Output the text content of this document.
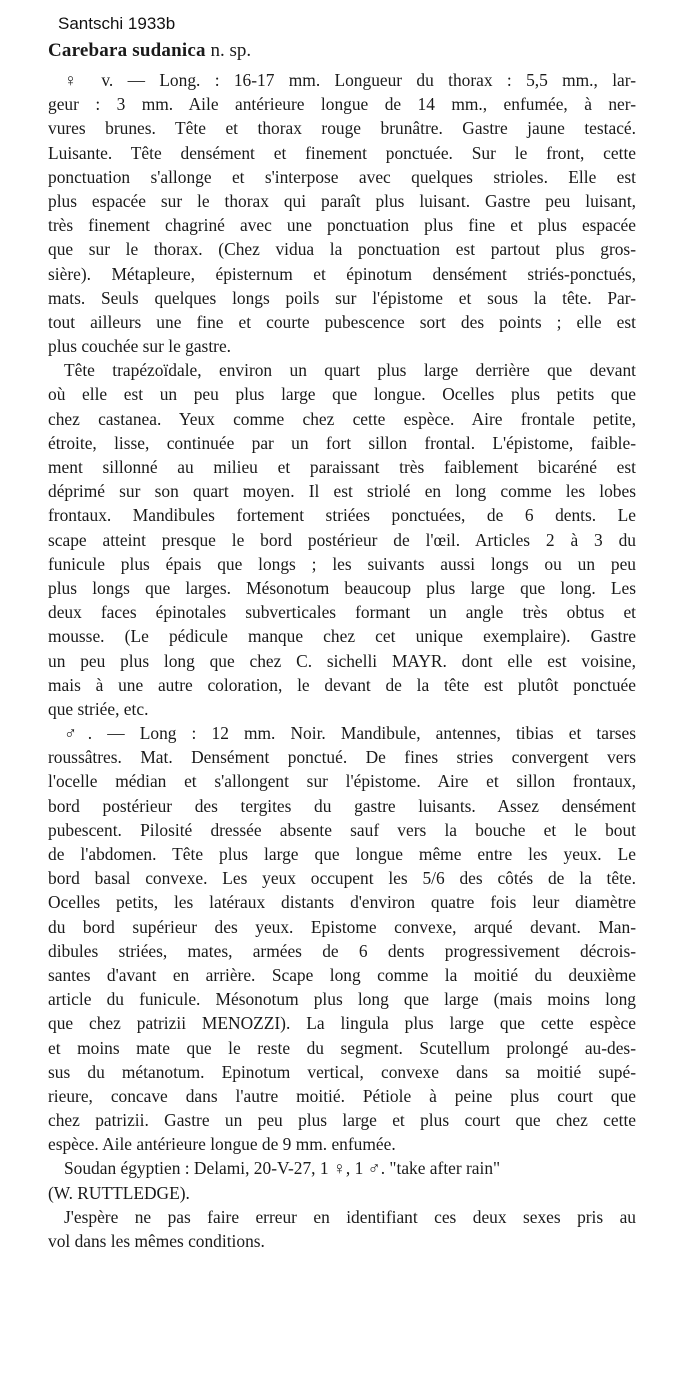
Santschi 1933b
Carebara sudanica n. sp.
♀ v. — Long. : 16-17 mm. Longueur du thorax : 5,5 mm., lar-
geur : 3 mm. Aile antérieure longue de 14 mm., enfumée, à ner-
vures brunes. Tête et thorax rouge brunâtre. Gastre jaune testacé.
Luisante. Tête densément et finement ponctuée. Sur le front, cette
ponctuation s'allonge et s'interpose avec quelques strioles. Elle est
plus espacée sur le thorax qui paraît plus luisant. Gastre peu luisant,
très finement chagriné avec une ponctuation plus fine et plus espacée
que sur le thorax. (Chez vidua la ponctuation est partout plus gros-
sière). Métapleure, épisternum et épinotum densément striés-ponctués,
mats. Seuls quelques longs poils sur l'épistome et sous la tête. Par-
tout ailleurs une fine et courte pubescence sort des points ; elle est
plus couchée sur le gastre.
Tête trapézoïdale, environ un quart plus large derrière que devant
où elle est un peu plus large que longue. Ocelles plus petits que
chez castanea. Yeux comme chez cette espèce. Aire frontale petite,
étroite, lisse, continuée par un fort sillon frontal. L'épistome, faible-
ment sillonné au milieu et paraissant très faiblement bicaréné est
déprimé sur son quart moyen. Il est striolé en long comme les lobes
frontaux. Mandibules fortement striées ponctuées, de 6 dents. Le
scape atteint presque le bord postérieur de l'œil. Articles 2 à 3 du
funicule plus épais que longs ; les suivants aussi longs ou un peu
plus longs que larges. Mésonotum beaucoup plus large que long. Les
deux faces épinotales subverticales formant un angle très obtus et
mousse. (Le pédicule manque chez cet unique exemplaire). Gastre
un peu plus long que chez C. sichelli MAYR. dont elle est voisine,
mais à une autre coloration, le devant de la tête est plutôt ponctuée
que striée, etc.
♂. — Long : 12 mm. Noir. Mandibule, antennes, tibias et tarses
roussâtres. Mat. Densément ponctué. De fines stries convergent vers
l'ocelle médian et s'allongent sur l'épistome. Aire et sillon frontaux,
bord postérieur des tergites du gastre luisants. Assez densément
pubescent. Pilosité dressée absente sauf vers la bouche et le bout
de l'abdomen. Tête plus large que longue même entre les yeux. Le
bord basal convexe. Les yeux occupent les 5/6 des côtés de la tête.
Ocelles petits, les latéraux distants d'environ quatre fois leur diamètre
du bord supérieur des yeux. Epistome convexe, arqué devant. Man-
dibules striées, mates, armées de 6 dents progressivement décrois-
santes d'avant en arrière. Scape long comme la moitié du deuxième
article du funicule. Mésonotum plus long que large (mais moins long
que chez patrizii MENOZZI). La lingula plus large que cette espèce
et moins mate que le reste du segment. Scutellum prolongé au-des-
sus du métanotum. Epinotum vertical, convexe dans sa moitié supé-
rieure, concave dans l'autre moitié. Pétiole à peine plus court que
chez patrizii. Gastre un peu plus large et plus court que chez cette
espèce. Aile antérieure longue de 9 mm. enfumée.
Soudan égyptien : Delami, 20-V-27, 1 ♀, 1 ♂. "take after rain"
(W. RUTTLEDGE).
J'espère ne pas faire erreur en identifiant ces deux sexes pris au
vol dans les mêmes conditions.
